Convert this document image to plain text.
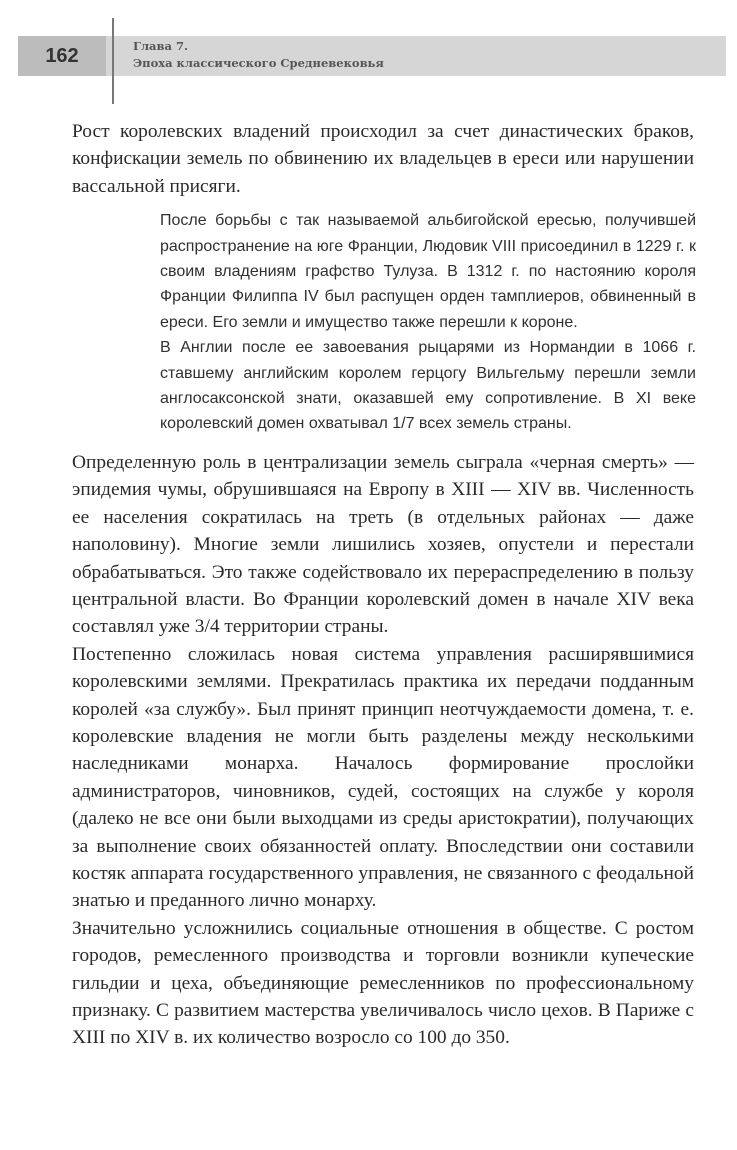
162	Глава 7.
Эпоха классического Средневековья

Рост королевских владений происходил за счет династических браков, конфискации земель по обвинению их владельцев в ереси или нарушении вассальной присяги.

После борьбы с так называемой альбигойской ересью, получившей распространение на юге Франции, Людовик VIII присоединил в 1229 г. к своим владениям графство Тулуза. В 1312 г. по настоянию короля Франции Филиппа IV был распущен орден тамплиеров, обвиненный в ереси. Его земли и имущество также перешли к короне.

В Англии после ее завоевания рыцарями из Нормандии в 1066 г. ставшему английским королем герцогу Вильгельму перешли земли англосаксонской знати, оказавшей ему сопротивление. В XI веке королевский домен охватывал 1/7 всех земель страны.

Определенную роль в централизации земель сыграла «черная смерть» — эпидемия чумы, обрушившаяся на Европу в XIII — XIV вв. Численность ее населения сократилась на треть (в отдельных районах — даже наполовину). Многие земли лишились хозяев, опустели и перестали обрабатываться. Это также содействовало их перераспределению в пользу центральной власти. Во Франции королевский домен в начале XIV века составлял уже 3/4 территории страны.

Постепенно сложилась новая система управления расширявшимися королевскими землями. Прекратилась практика их передачи подданным королей «за службу». Был принят принцип неотчуждаемости домена, т. е. королевские владения не могли быть разделены между несколькими наследниками монарха. Началось формирование прослойки администраторов, чиновников, судей, состоящих на службе у короля (далеко не все они были выходцами из среды аристократии), получающих за выполнение своих обязанностей оплату. Впоследствии они составили костяк аппарата государственного управления, не связанного с феодальной знатью и преданного лично монарху.

Значительно усложнились социальные отношения в обществе. С ростом городов, ремесленного производства и торговли возникли купеческие гильдии и цеха, объединяющие ремесленников по профессиональному признаку. С развитием мастерства увеличивалось число цехов. В Париже с XIII по XIV в. их количество возросло со 100 до 350.
